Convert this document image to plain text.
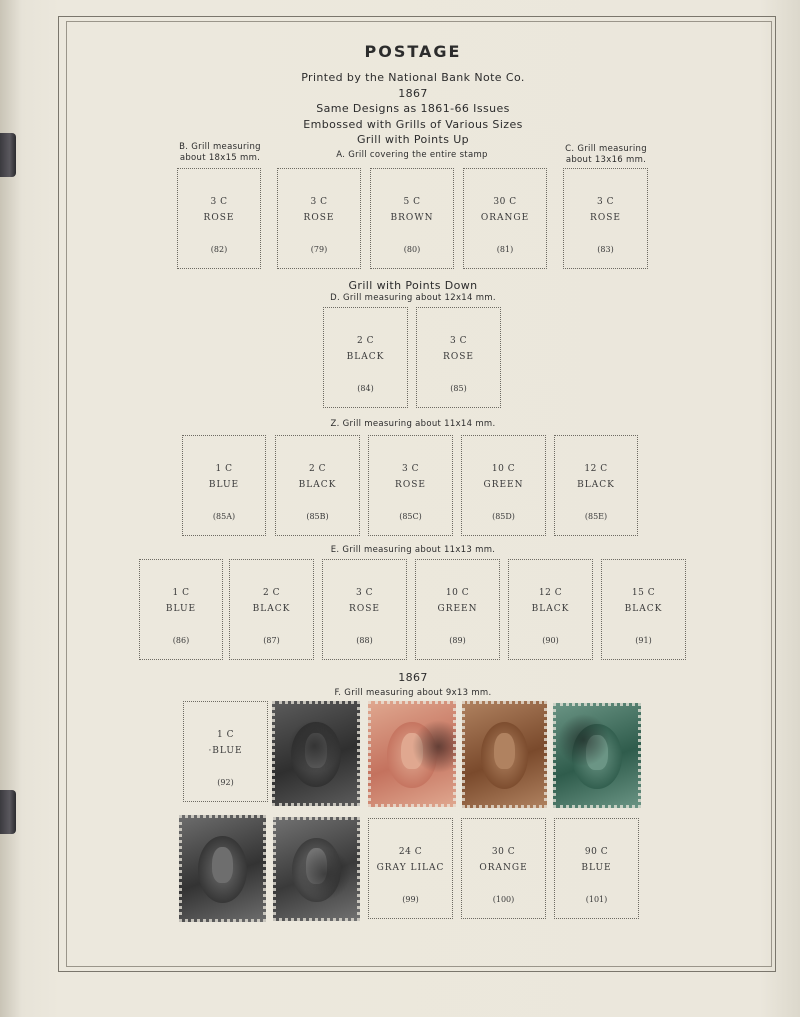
POSTAGE
Printed by the National Bank Note Co.
1867
Same Designs as 1861-66 Issues
Embossed with Grills of Various Sizes
Grill with Points Up
B. Grill measuring
about 18x15 mm.	A. Grill covering the entire stamp
C. Grill measuring
about 13x16 mm.
3 C
ROSE
(82)
3 C
ROSE
(79)
5 C
BROWN
(80)
30 C
ORANGE
(81)
3 C
ROSE
(83)
Grill with Points Down
D. Grill measuring about 12x14 mm.
2 C
BLACK
(84)
3 C
ROSE
(85)
Z. Grill measuring about 11x14 mm.
1 C
BLUE
(85A)
2 C
BLACK
(85B)
3 C
ROSE
(85C)
10 C
GREEN
(85D)
12 C
BLACK
(85E)
E. Grill measuring about 11x13 mm.
1 C
BLUE
(86)
2 C
BLACK
(87)
3 C
ROSE
(88)
10 C
GREEN
(89)
12 C
BLACK
(90)
15 C
BLACK
(91)
1867
F. Grill measuring about 9x13 mm.
1 C
·BLUE
(92)
24 C
GRAY LILAC
(99)
30 C
ORANGE
(100)
90 C
BLUE
(101)
